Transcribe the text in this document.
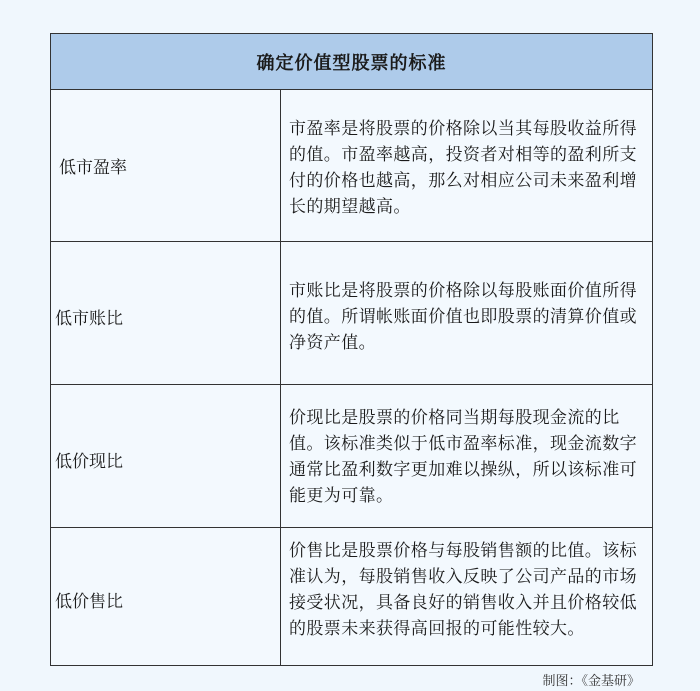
确定价值型股票的标准
低市盈率
市盈率是将股票的价格除以当其每股收益所得的值。市盈率越高，投资者对相等的盈利所支付的价格也越高，那么对相应公司未来盈利增长的期望越高。
低市账比
市账比是将股票的价格除以每股账面价值所得的值。所谓帐账面价值也即股票的清算价值或净资产值。
低价现比
价现比是股票的价格同当期每股现金流的比值。该标准类似于低市盈率标准，现金流数字通常比盈利数字更加难以操纵，所以该标准可能更为可靠。
低价售比
价售比是股票价格与每股销售额的比值。该标准认为，每股销售收入反映了公司产品的市场接受状况，具备良好的销售收入并且价格较低的股票未来获得高回报的可能性较大。
制图：《金基研》
